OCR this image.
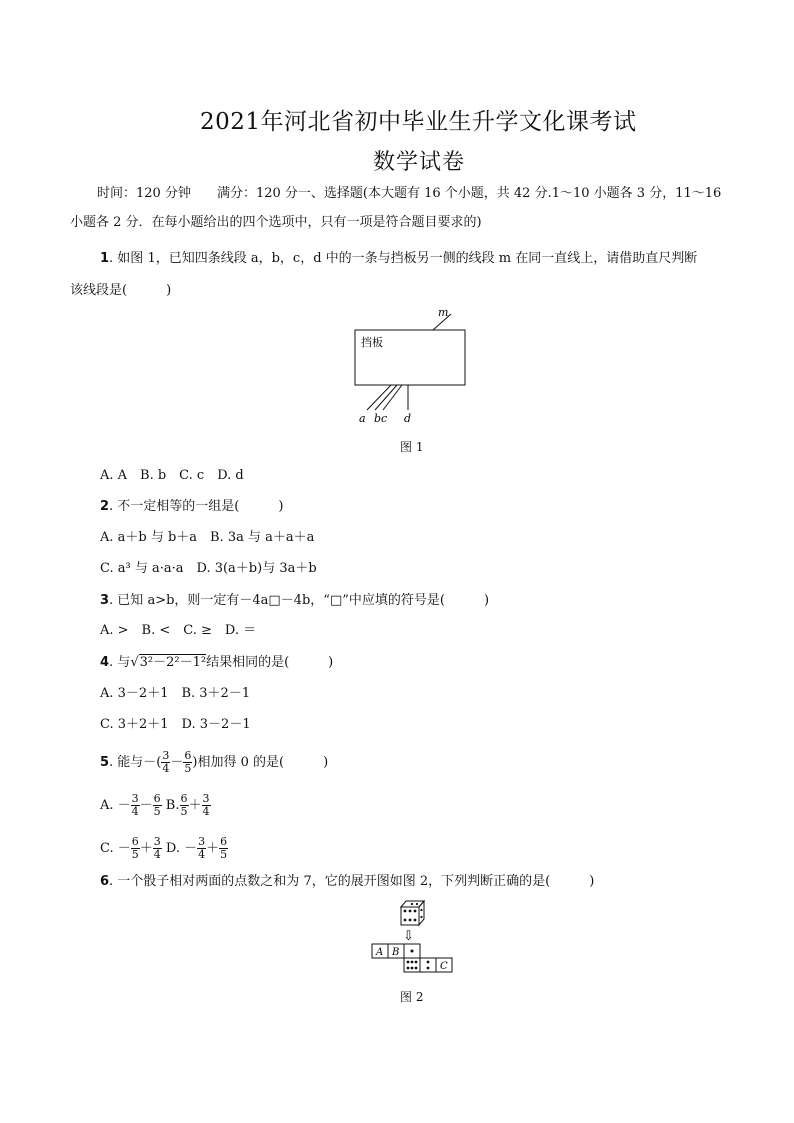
2021年河北省初中毕业生升学文化课考试
数学试卷
时间：120 分钟　　满分：120 分一、选择题(本大题有 16 个小题，共 42 分.1～10 小题各 3 分，11～16
小题各 2 分．在每小题给出的四个选项中，只有一项是符合题目要求的)
1. 如图 1，已知四条线段 a，b，c，d 中的一条与挡板另一侧的线段 m 在同一直线上，请借助直尺判断
该线段是(　　　)
挡板
m
a bc d
图 1
A. A　B. b　C. c　D. d
2. 不一定相等的一组是(　　　)
A. a＋b 与 b＋a　B. 3a 与 a＋a＋a
C. a³ 与 a·a·a　D. 3(a＋b)与 3a＋b
3. 已知 a>b，则一定有－4a□－4b，“□”中应填的符号是(　　　)
A. >　B. <　C. ≥　D. ＝
4. 与√3²－2²－1²结果相同的是(　　　)
A. 3－2＋1　B. 3＋2－1
C. 3＋2＋1　D. 3－2－1
5. 能与－( $\frac{3}{4} - \frac{6}{5}$ )相加得 0 的是(　　　)
A. － $\frac{3}{4} - \frac{6}{5} B$. $\frac{6}{5} + \frac{3}{4}$
C. － $\frac{6}{5} + \frac{3}{4} D$. － $\frac{3}{4} + \frac{6}{5}$
6. 一个骰子相对两面的点数之和为 7，它的展开图如图 2，下列判断正确的是(　　　)
⇩
A B
C
图 2
